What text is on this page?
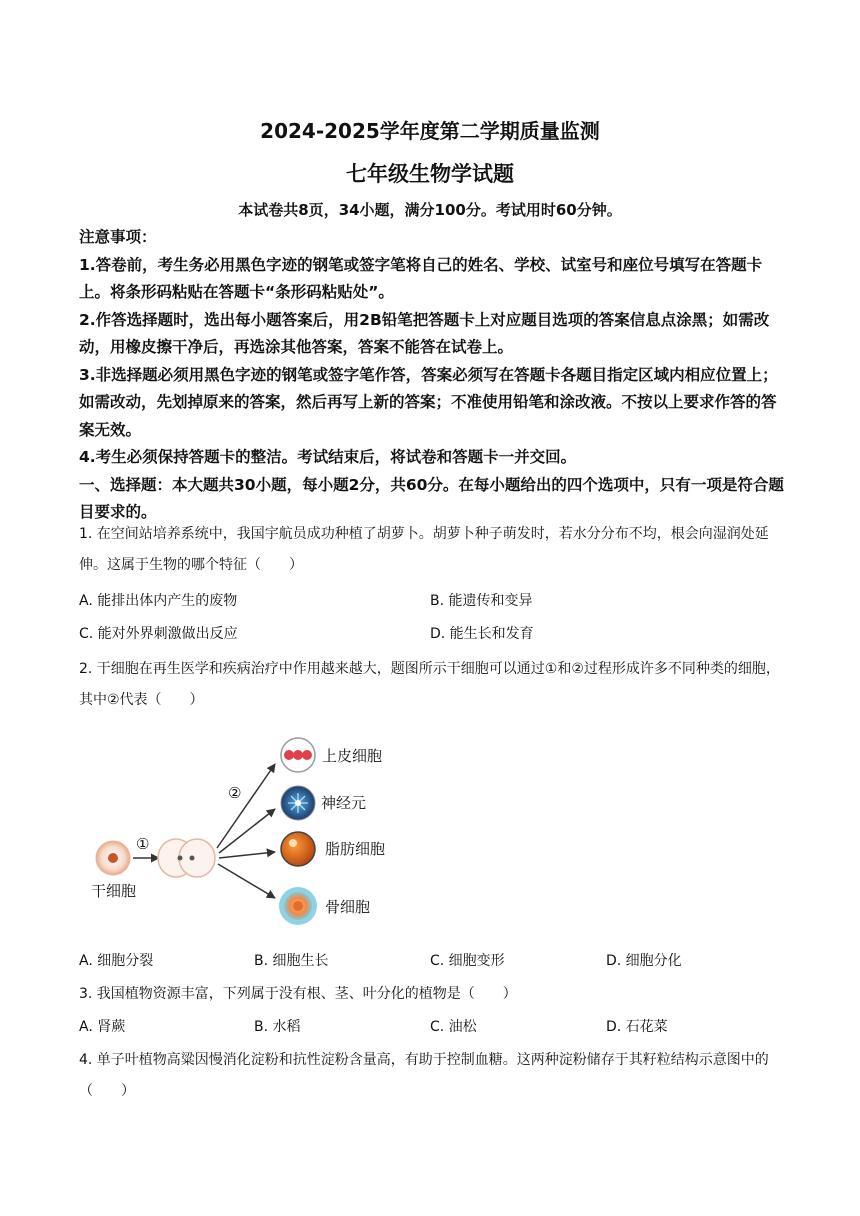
2024-2025学年度第二学期质量监测
七年级生物学试题
本试卷共8页，34小题，满分100分。考试用时60分钟。

注意事项：

1.答卷前，考生务必用黑色字迹的钢笔或签字笔将自己的姓名、学校、试室号和座位号填写在答题卡上。将条形码粘贴在答题卡“条形码粘贴处”。

2.作答选择题时，选出每小题答案后，用2B铅笔把答题卡上对应题目选项的答案信息点涂黑；如需改动，用橡皮擦干净后，再选涂其他答案，答案不能答在试卷上。

3.非选择题必须用黑色字迹的钢笔或签字笔作答，答案必须写在答题卡各题目指定区域内相应位置上；如需改动，先划掉原来的答案，然后再写上新的答案；不准使用铅笔和涂改液。不按以上要求作答的答案无效。

4.考生必须保持答题卡的整洁。考试结束后，将试卷和答题卡一并交回。

一、选择题：本大题共30小题，每小题2分，共60分。在每小题给出的四个选项中，只有一项是符合题目要求的。

1. 在空间站培养系统中，我国宇航员成功种植了胡萝卜。胡萝卜种子萌发时，若水分分布不均，根会向湿润处延伸。这属于生物的哪个特征（　　）

A. 能排出体内产生的废物	B. 能遗传和变异
C. 能对外界刺激做出反应	D. 能生长和发育

2. 干细胞在再生医学和疾病治疗中作用越来越大，题图所示干细胞可以通过①和②过程形成许多不同种类的细胞，其中②代表（　　）

干细胞
①
②
上皮细胞
神经元
脂肪细胞
骨细胞
A. 细胞分裂	B. 细胞生长	C. 细胞变形	D. 细胞分化

3. 我国植物资源丰富，下列属于没有根、茎、叶分化的植物是（　　）

A. 肾蕨	B. 水稻	C. 油松	D. 石花菜

4. 单子叶植物高粱因慢消化淀粉和抗性淀粉含量高，有助于控制血糖。这两种淀粉储存于其籽粒结构示意图中的（　　）
